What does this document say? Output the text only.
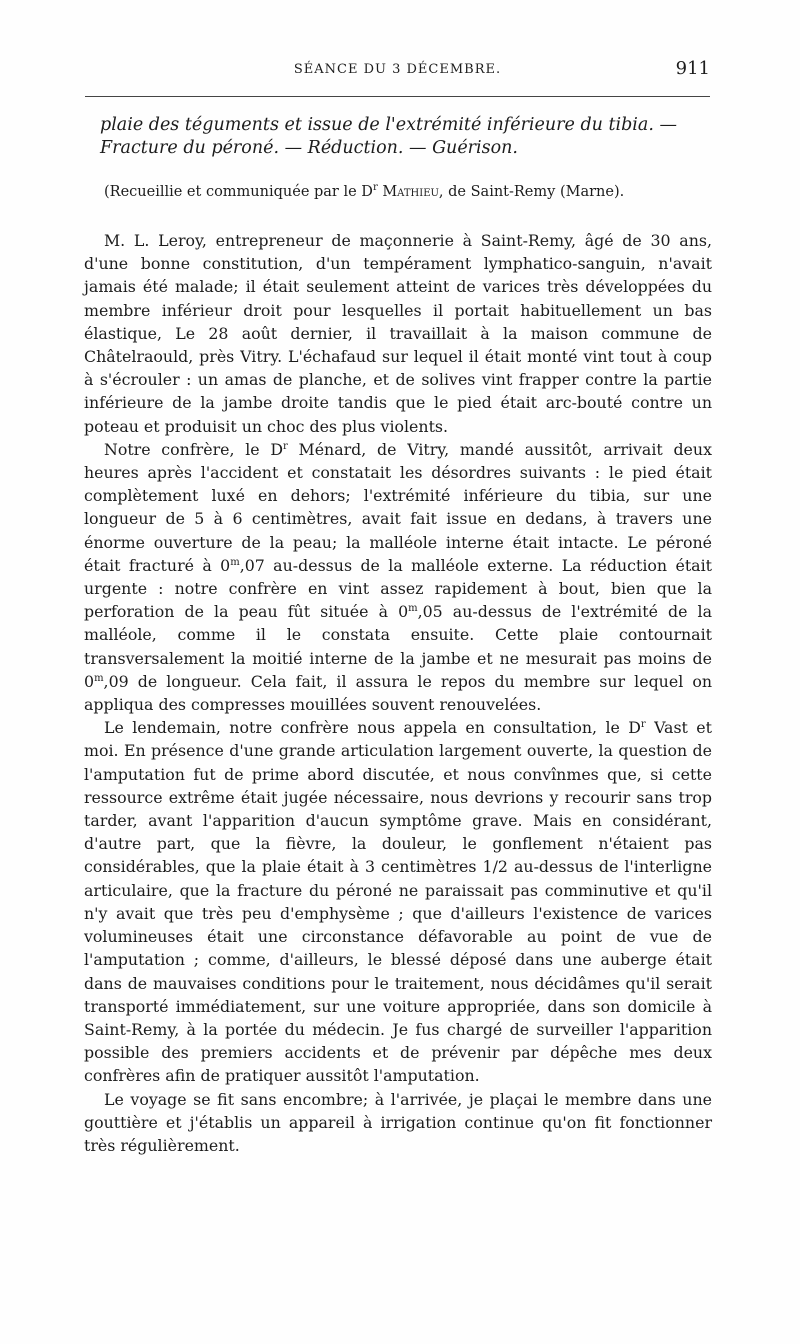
SÉANCE DU 3 DÉCEMBRE.	911
plaie des téguments et issue de l'extrémité inférieure du tibia. —
Fracture du péroné. — Réduction. — Guérison.
(Recueillie et communiquée par le $D^r$ Mathieu, de Saint-Remy (Marne).

M. L. Leroy, entrepreneur de maçonnerie à Saint-Remy, âgé de 30 ans, d'une bonne constitution, d'un tempérament lymphatico-sanguin, n'avait jamais été malade; il était seulement atteint de varices très développées du membre inférieur droit pour lesquelles il portait habituellement un bas élastique, Le 28 août dernier, il travaillait à la maison commune de Châtelraould, près Vitry. L'échafaud sur lequel il était monté vint tout à coup à s'écrouler : un amas de planche, et de solives vint frapper contre la partie inférieure de la jambe droite tandis que le pied était arc-bouté contre un poteau et produisit un choc des plus violents.

Notre confrère, le $D^r$ Ménard, de Vitry, mandé aussitôt, arrivait deux heures après l'accident et constatait les désordres suivants : le pied était complètement luxé en dehors; l'extrémité inférieure du tibia, sur une longueur de 5 à 6 centimètres, avait fait issue en dedans, à travers une énorme ouverture de la peau; la malléole interne était intacte. Le péroné était fracturé à 0$^m$,07 au-dessus de la malléole externe. La réduction était urgente : notre confrère en vint assez rapidement à bout, bien que la perforation de la peau fût située à 0$^m$,05 au-dessus de l'extrémité de la malléole, comme il le constata ensuite. Cette plaie contournait transversalement la moitié interne de la jambe et ne mesurait pas moins de 0$^m$,09 de longueur. Cela fait, il assura le repos du membre sur lequel on appliqua des compresses mouillées souvent renouvelées.

Le lendemain, notre confrère nous appela en consultation, le $D^r$ Vast et moi. En présence d'une grande articulation largement ouverte, la question de l'amputation fut de prime abord discutée, et nous convînmes que, si cette ressource extrême était jugée nécessaire, nous devrions y recourir sans trop tarder, avant l'apparition d'aucun symptôme grave. Mais en considérant, d'autre part, que la fièvre, la douleur, le gonflement n'étaient pas considérables, que la plaie était à 3 centimètres 1/2 au-dessus de l'interligne articulaire, que la fracture du péroné ne paraissait pas comminutive et qu'il n'y avait que très peu d'emphysème ; que d'ailleurs l'existence de varices volumineuses était une circonstance défavorable au point de vue de l'amputation ; comme, d'ailleurs, le blessé déposé dans une auberge était dans de mauvaises conditions pour le traitement, nous décidâmes qu'il serait transporté immédiatement, sur une voiture appropriée, dans son domicile à Saint-Remy, à la portée du médecin. Je fus chargé de surveiller l'apparition possible des premiers accidents et de prévenir par dépêche mes deux confrères afin de pratiquer aussitôt l'amputation.

Le voyage se fit sans encombre; à l'arrivée, je plaçai le membre dans une gouttière et j'établis un appareil à irrigation continue qu'on fit fonctionner très régulièrement.
